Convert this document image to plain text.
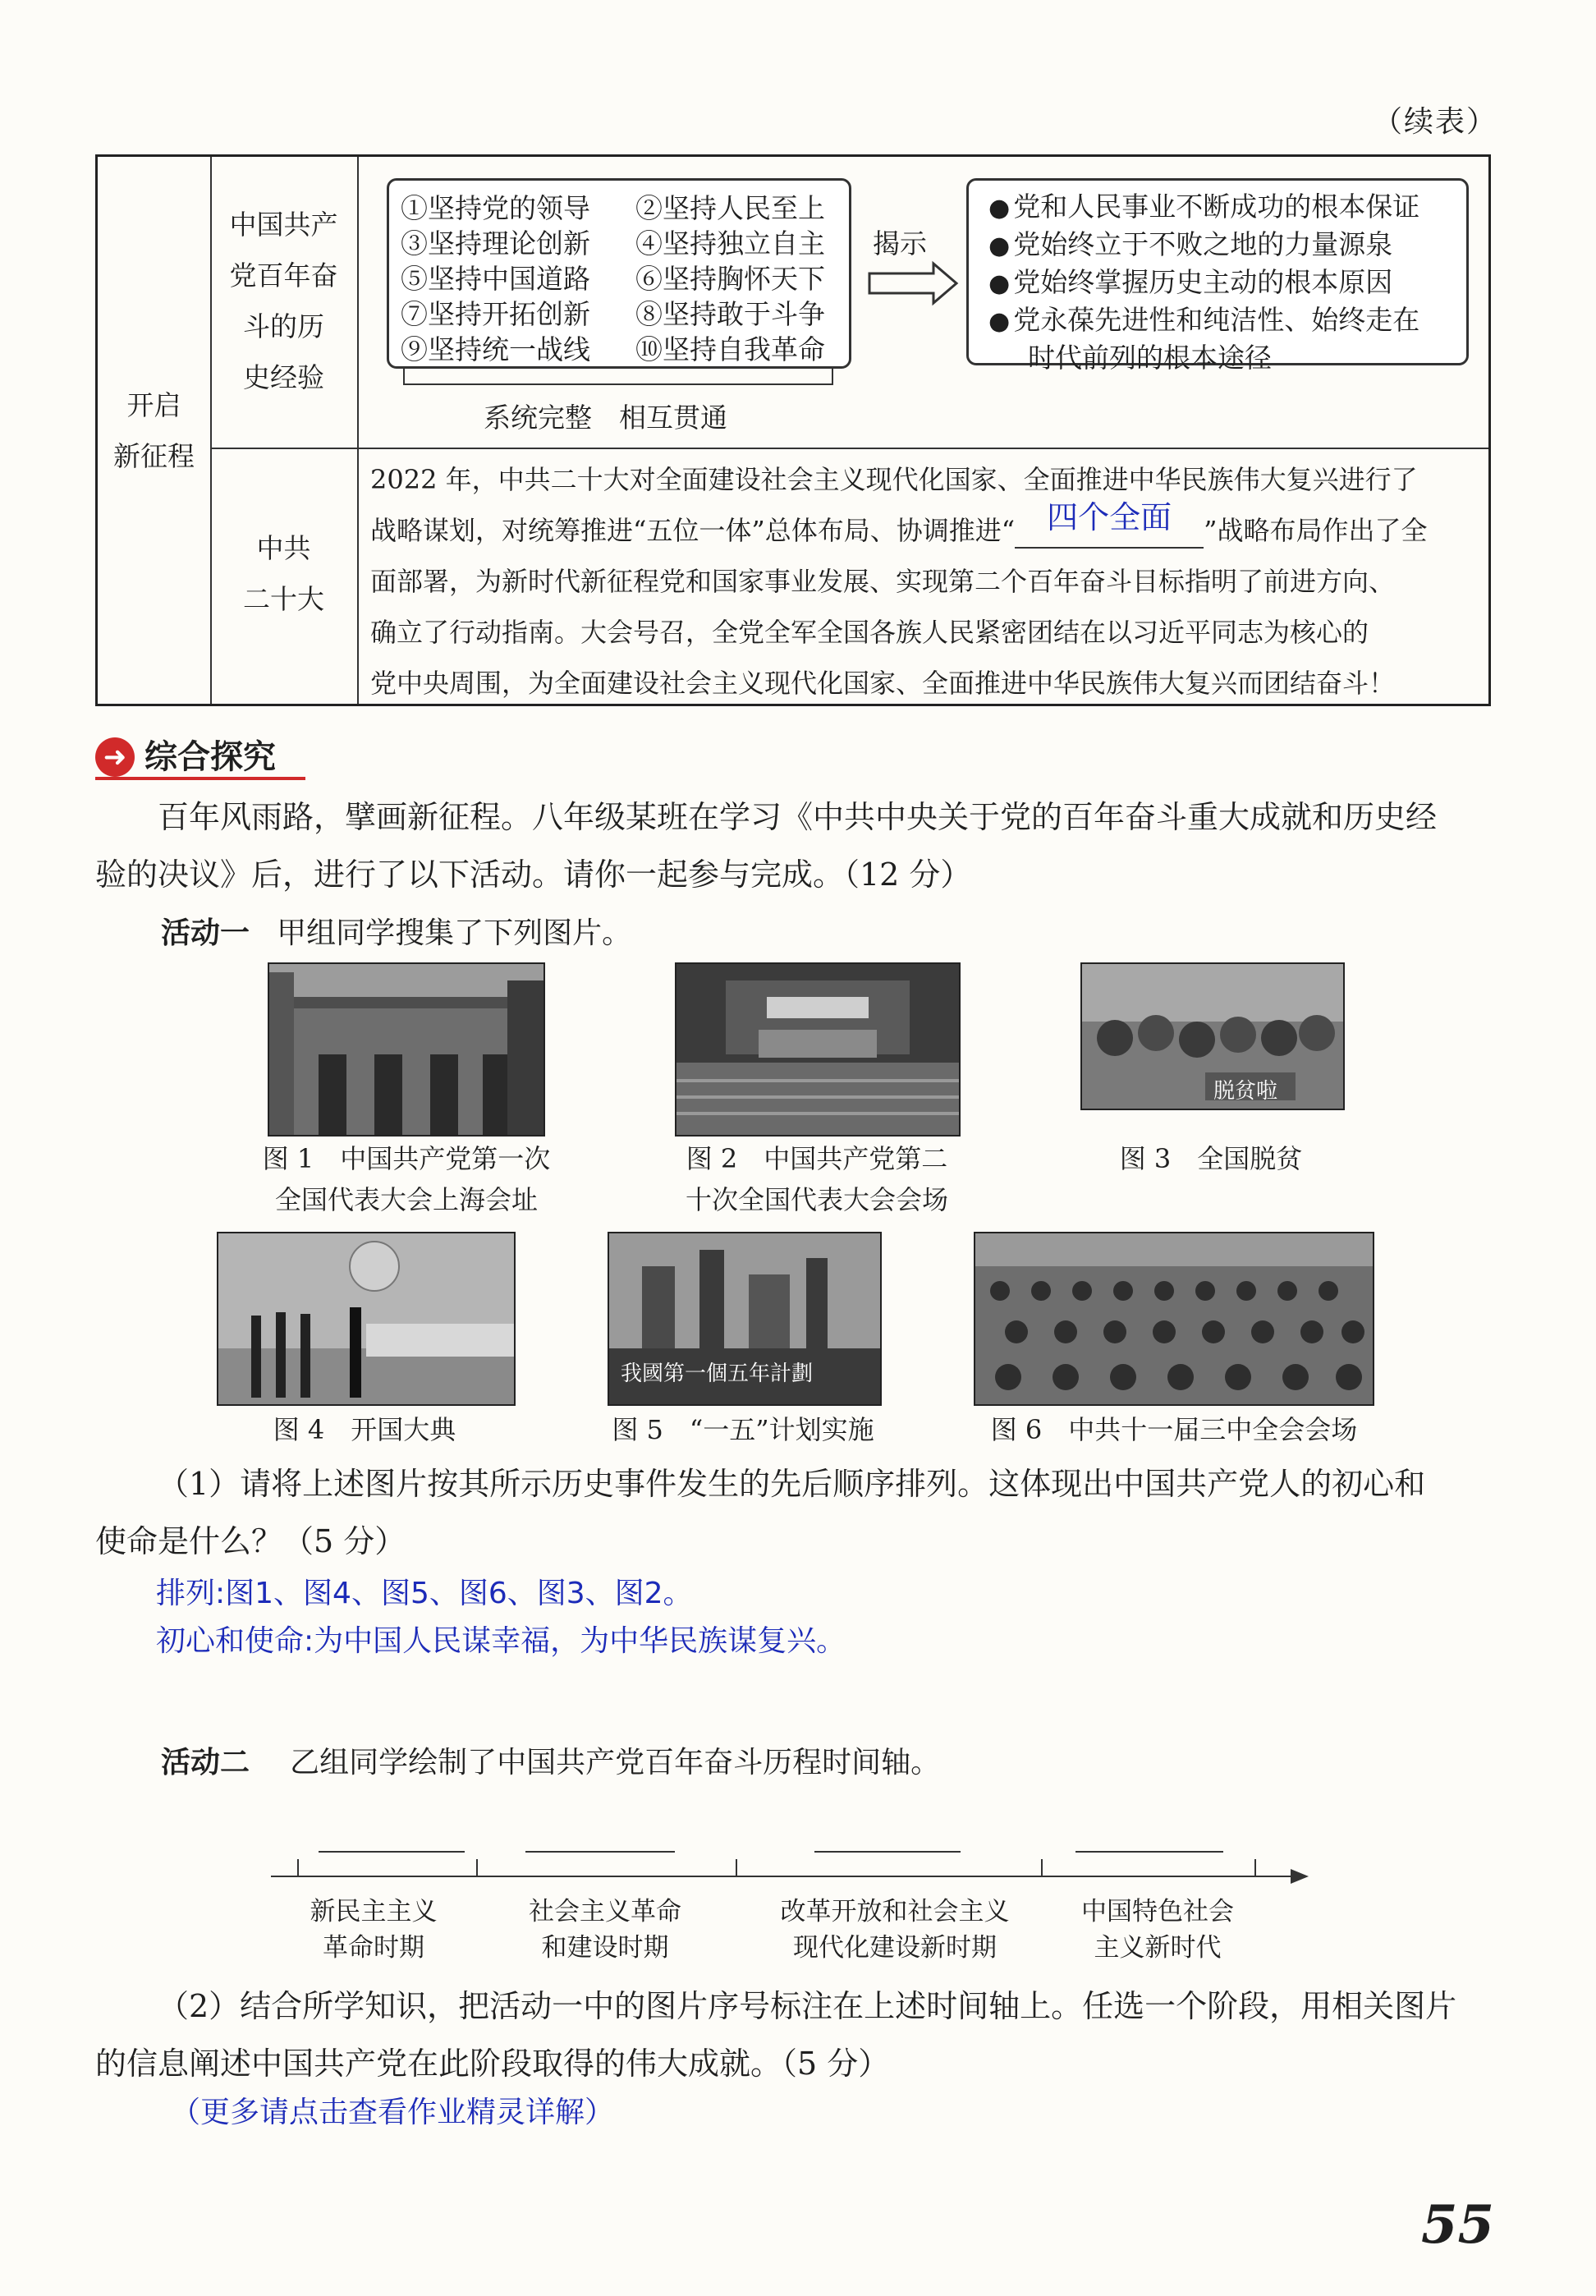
（续表）
开启
新征程
中国共产
党百年奋
斗的历
史经验
①坚持党的领导 ②坚持人民至上
③坚持理论创新 ④坚持独立自主
⑤坚持中国道路 ⑥坚持胸怀天下
⑦坚持开拓创新 ⑧坚持敢于斗争
⑨坚持统一战线 ⑩坚持自我革命
揭示
● 党和人民事业不断成功的根本保证
● 党始终立于不败之地的力量源泉
● 党始终掌握历史主动的根本原因
● 党永葆先进性和纯洁性、始终走在
时代前列的根本途径
系统完整　相互贯通
中共
二十大
2022 年，中共二十大对全面建设社会主义现代化国家、全面推进中华民族伟大复兴进行了
战略谋划，对统筹推进“五位一体”总体布局、协调推进“ 四个全面 ”战略布局作出了全
面部署，为新时代新征程党和国家事业发展、实现第二个百年奋斗目标指明了前进方向、
确立了行动指南。大会号召，全党全军全国各族人民紧密团结在以习近平同志为核心的
党中央周围，为全面建设社会主义现代化国家、全面推进中华民族伟大复兴而团结奋斗！
➜ 综合探究
百年风雨路，擘画新征程。八年级某班在学习《中共中央关于党的百年奋斗重大成就和历史经
验的决议》后，进行了以下活动。请你一起参与完成。（12 分）
活动一 甲组同学搜集了下列图片。
脱贫啦
图 1　中国共产党第一次
全国代表大会上海会址
图 2　中国共产党第二
十次全国代表大会会场
图 3　全国脱贫
我國第一個五年計劃
图 4　开国大典	图 5　“一五”计划实施	图 6　中共十一届三中全会会场
（1）请将上述图片按其所示历史事件发生的先后顺序排列。这体现出中国共产党人的初心和
使命是什么？（5 分）
排列:图1、图4、图5、图6、图3、图2。
初心和使命:为中国人民谋幸福，为中华民族谋复兴。
活动二 乙组同学绘制了中国共产党百年奋斗历程时间轴。
新民主主义
革命时期
社会主义革命
和建设时期
改革开放和社会主义
现代化建设新时期
中国特色社会
主义新时代
（2）结合所学知识，把活动一中的图片序号标注在上述时间轴上。任选一个阶段，用相关图片
的信息阐述中国共产党在此阶段取得的伟大成就。（5 分）
（更多请点击查看作业精灵详解）
55
